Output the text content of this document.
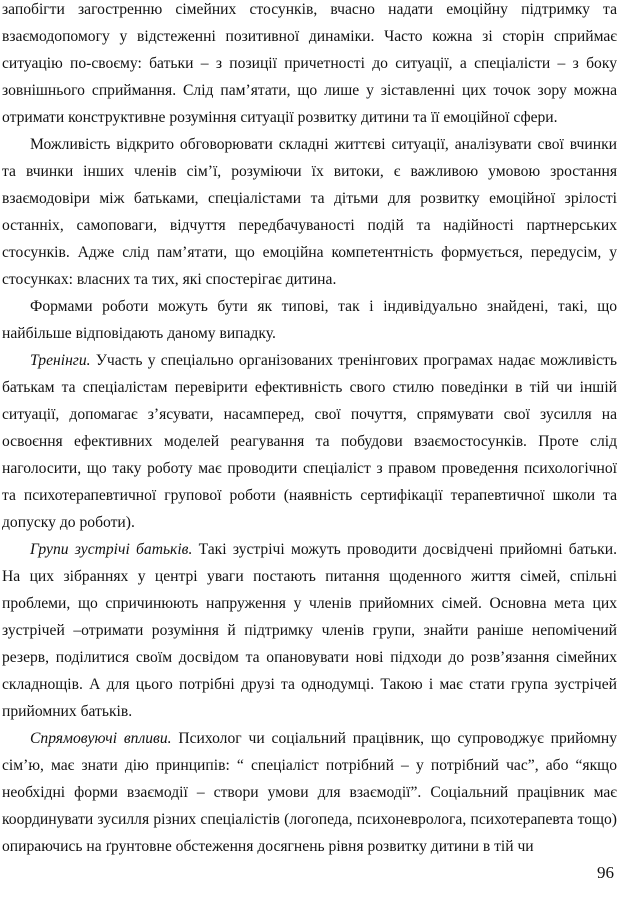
запобігти загостренню сімейних стосунків, вчасно надати емоційну підтримку та взаємодопомогу у відстеженні позитивної динаміки. Часто кожна зі сторін сприймає ситуацію по-своєму: батьки – з позиції причетності до ситуації, а спеціалісти – з боку зовнішнього сприймання. Слід пам’ятати, що лише у зіставленні цих точок зору можна отримати конструктивне розуміння ситуації розвитку дитини та її емоційної сфери.

Можливість відкрито обговорювати складні життєві ситуації, аналізувати свої вчинки та вчинки інших членів сім’ї, розуміючи їх витоки, є важливою умовою зростання взаємодовіри між батьками, спеціалістами та дітьми для розвитку емоційної зрілості останніх, самоповаги, відчуття передбачуваності подій та надійності партнерських стосунків. Адже слід пам’ятати, що емоційна компетентність формується, передусім, у стосунках: власних та тих, які спостерігає дитина.

Формами роботи можуть бути як типові, так і індивідуально знайдені, такі, що найбільше відповідають даному випадку.

Тренінги. Участь у спеціально організованих тренінгових програмах надає можливість батькам та спеціалістам перевірити ефективність свого стилю поведінки в тій чи іншій ситуації, допомагає з’ясувати, насамперед, свої почуття, спрямувати свої зусилля на освоєння ефективних моделей реагування та побудови взаємостосунків. Проте слід наголосити, що таку роботу має проводити спеціаліст з правом проведення психологічної та психотерапевтичної групової роботи (наявність сертифікації терапевтичної школи та допуску до роботи).

Групи зустрічі батьків. Такі зустрічі можуть проводити досвідчені прийомні батьки. На цих зібраннях у центрі уваги постають питання щоденного життя сімей, спільні проблеми, що спричинюють напруження у членів прийомних сімей. Основна мета цих зустрічей –отримати розуміння й підтримку членів групи, знайти раніше непомічений резерв, поділитися своїм досвідом та опановувати нові підходи до розв’язання сімейних складнощів. А для цього потрібні друзі та однодумці. Такою і має стати група зустрічей прийомних батьків.

Спрямовуючі впливи. Психолог чи соціальний працівник, що супроводжує прийомну сім’ю, має знати дію принципів: “ спеціаліст потрібний – у потрібний час”, або “якщо необхідні форми взаємодії – створи умови для взаємодії”. Соціальний працівник має координувати зусилля різних спеціалістів (логопеда, психоневролога, психотерапевта тощо) опираючись на ґрунтовне обстеження досягнень рівня розвитку дитини в тій чи

96
